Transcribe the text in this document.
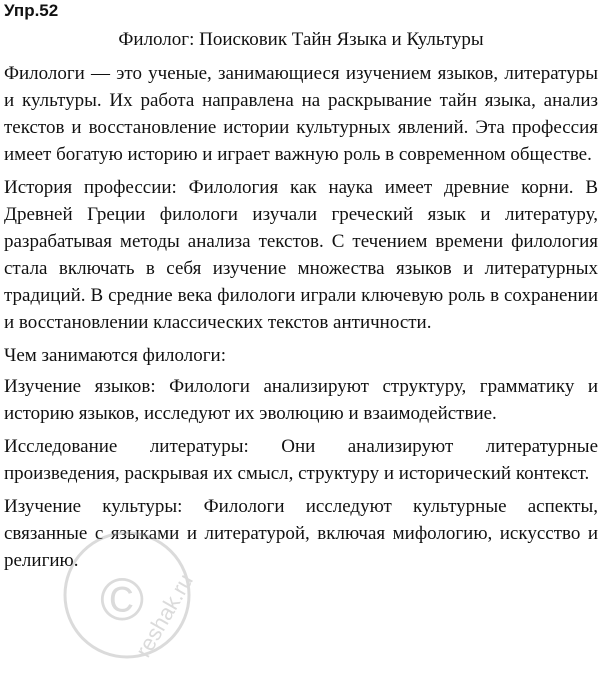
Упр.52

Филолог: Поисковик Тайн Языка и Культуры

Филологи — это ученые, занимающиеся изучением языков, литературы и культуры. Их работа направлена на раскрывание тайн языка, анализ текстов и восстановление истории культурных явлений. Эта профессия имеет богатую историю и играет важную роль в современном обществе.

История профессии: Филология как наука имеет древние корни. В Древней Греции филологи изучали греческий язык и литературу, разрабатывая методы анализа текстов. С течением времени филология стала включать в себя изучение множества языков и литературных традиций. В средние века филологи играли ключевую роль в сохранении и восстановлении классических текстов античности.

Чем занимаются филологи:

Изучение языков: Филологи анализируют структуру, грамматику и историю языков, исследуют их эволюцию и взаимодействие.

Исследование литературы: Они анализируют литературные произведения, раскрывая их смысл, структуру и исторический контекст.

Изучение культуры: Филологи исследуют культурные аспекты, связанные с языками и литературой, включая мифологию, искусство и религию.

©
reshak.ru
